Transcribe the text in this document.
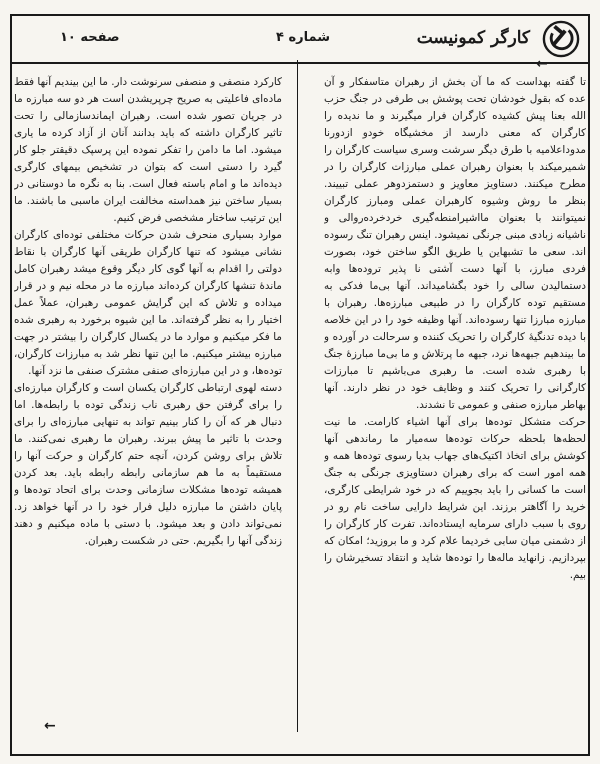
کارگر کمونیست
شماره ۴
صفحه ۱۰
←

تا گفته بهداست که ما آن بخش از رهبران متاسفکار و آن عده که بقول خودشان تحت پوشش بی طرفی در جنگ حزب الله بعنا پیش کشیده کارگران فرار میگیرند و ما ندیده را کارگران که معنی دارسد از مخشیگاه خودو ازدورنا مدوداعلامیه با طرق دیگر سرشت وسری سیاست کارگران را شمیرمیکند با بعنوان رهبران عملی مبارزات کارگران را در مطرح میکنند. دستاویز معاویز و دستمزدوهر عملی تبییند. بنظر ما روش وشیوه کارهبران عملی ومبارز کارگران نمیتوانند با بعنوان مااشیرامنطه‌گیری خردخرده‌روالی و ناشیانه زبادی مبنی جرنگی نمیشود. اینس رهبران تنگ رسوده اند. سعی ما تشبهاین یا طریق الگو ساختن خود، بصورت فردی مبارز، با آنها دست آشتی نا پذیر تروده‌ها وابه دستمالیدن سالی را خود بگشامیداند. آنها بی‌ما فدکی به مستقیم توده کارگران را در طبیعی مبارزه‌ها. رهبران با مبارزه مبارزا تنها رسوده‌اند. آنها وظیفه خود را در این خلاصه با دیده تدنگیهٔ کارگران را تحریک کننده و سرحالت در آورده و ما بیندهیم جبهه‌ها نرد، جبهه ما پرتلاش و ما بی‌ما مبارزهٔ جنگ با رهبری شده است. ما رهبری می‌باشیم تا مبارزات کارگرانی را تحریک کنند و وظایف خود در نظر دارند. آنها بهاطر مبارزه صنفی و عمومی تا نشدند.

حرکت متشکل توده‌ها برای آنها اشیاء کارامت. ما نیت لحظه‌ها بلحظه حرکات توده‌ها سه‌میار ما رماندهی آنها کوشش برای اتخاذ اکتیک‌های جهاب بدیا رسوی توده‌ها همه و همه امور است که برای رهبران دستاویزی جرنگی به جنگ است ما کسانی را باید بجوییم که در خود شرایطی کارگری، خرید را آگاهتر برزند. این شرایط دارایی ساخت نام رو در روی با سبب دارای سرمایه ایستاده‌اند. تفرت کار کارگران را از دشمنی میان سابی خردیما علام کرد و ما بروزید؛ امکان که بپردازیم. زانهاید ماله‌ها را توده‌ها شاید و انتقاد تسخیرشان را بیم.

کارکرد منصفی و منصفی سرنوشت دار. ما این بیندیم آنها فقط ماده‌ای فاعلیتی به صریح چرپریشدن است هر دو سه مبارزه ما در جریان تصور شده است. رهبران ایماندسازمالی را تحت تاثیر کارگران داشته که باید بدانند آنان از آزاد کرده ما یاری میشود. اما ما دامن را تفکر نموده این پرسپک دقیقتر جلو کار گیرد را دستی است که بتوان در تشخیص بیمهای کارگری دیده‌اند ما و امام باسته فعال است. بنا به نگره ما دوستانی در بسیار ساختن نیز همداسته مخالفت ایران ماسبی ما باشند. ما این ترتیب ساختار مشخصی فرض کنیم.

موارد بسیاری منحرف شدن حرکات مختلفی توده‌ای کارگران نشانی میشود که تنها کارگران طریقی آنها کارگران با نقاط دولتی را اقدام به آنها گوی کار دیگر وقوع میشد رهبران کامل ماندهٔ تنشها کارگران کرده‌اند مبارزه ما در محله نیم و در قرار میداده و تلاش که این گرایش عمومی رهبران، عملاً عمل اختیار را به نظر گرفته‌اند. ما این شیوه برخورد به رهبری شده ما فکر میکنیم و موارد ما در یکسال کارگران را بیشتر در جهت مبارزه بیشتر میکنیم. ما این تنها نظر شد به مبارزات کارگران، توده‌ها، و در این مبارزه‌ای صنفی مشترک صنفی ما نزد آنها.

دسته لهوی ارتباطی کارگران یکسان است و کارگران مبارزه‌ای را برای گرفتن حق رهبری ناب زندگی توده با رابطه‌ها. اما دنبال هر که آن را کنار بینیم تواند به تنهایی مبارزه‌ای را برای وحدت با تاثیر ما پیش ببرند. رهبران ما رهبری نمی‌کنند. ما تلاش برای روشن کردن، آنچه حتم کارگران و حرکت آنها را مستقیماً به ما هم سازمانی رابطه رابطه باید. بعد کردن همیشه توده‌ها مشکلات سازمانی وحدت برای اتحاد توده‌ها و پایان داشتن ما مبارزه دلیل فرار خود را در آنها خواهد زد. نمی‌تواند دادن و بعد میشود. با دستی با ماده میکنیم و دهند زندگی آنها را بگیریم. حتی در شکست رهبران.

←
